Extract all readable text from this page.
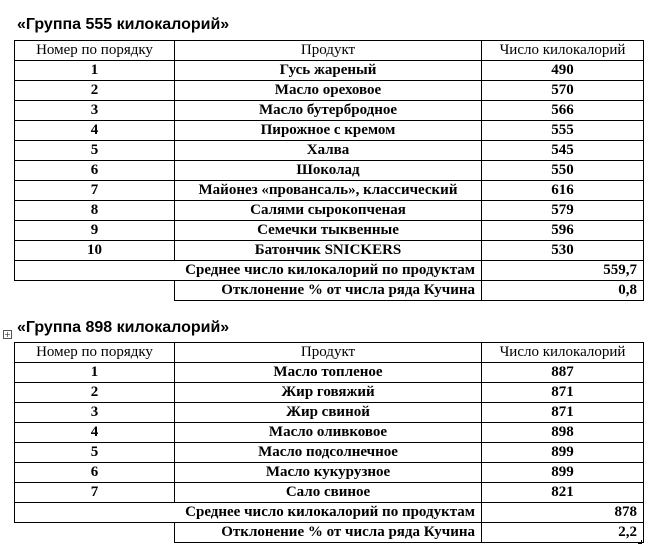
«Группа 555 килокалорий»
Номер по порядку	Продукт	Число килокалорий
1	Гусь жареный	490
2	Масло ореховое	570
3	Масло бутербродное	566
4	Пирожное с кремом	555
5	Халва	545
6	Шоколад	550
7	Майонез «провансаль», классический	616
8	Салями сырокопченая	579
9	Семечки тыквенные	596
10	Батончик SNICKERS	530
Среднее число килокалорий по продуктам		559,7
	Отклонение % от числа ряда Кучина	0,8
«Группа 898 килокалорий»
+
Номер по порядку	Продукт	Число килокалорий
1	Масло топленое	887
2	Жир говяжий	871
3	Жир свиной	871
4	Масло оливковое	898
5	Масло подсолнечное	899
6	Масло кукурузное	899
7	Сало свиное	821
Среднее число килокалорий по продуктам		878
	Отклонение % от числа ряда Кучина	2,2
